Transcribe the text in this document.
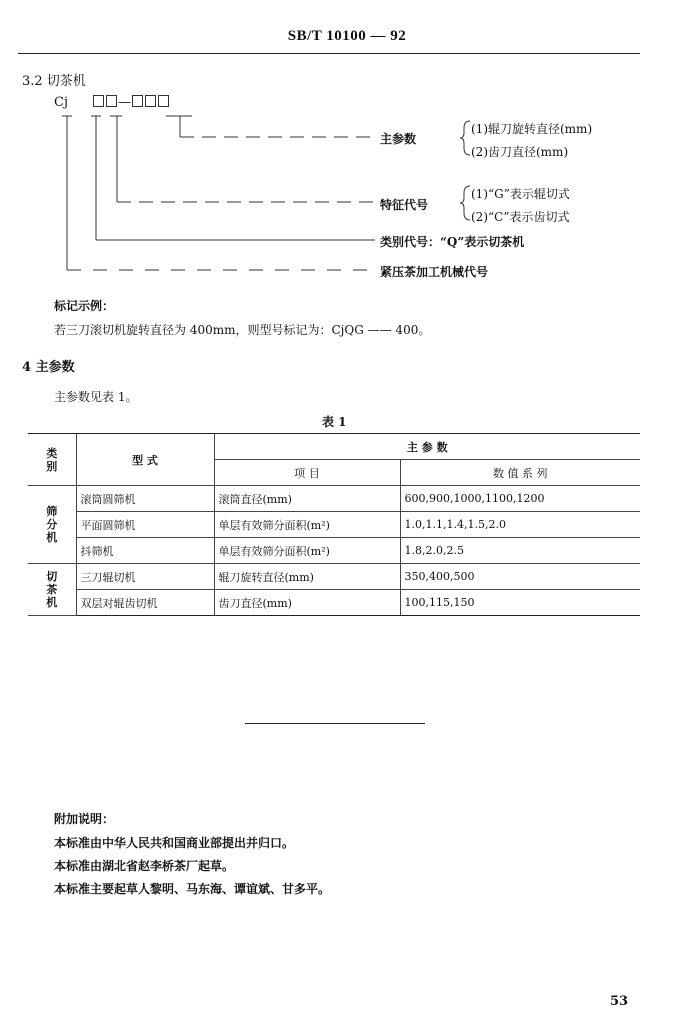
SB/T 10100 — 92
3.2 切茶机
Cj	—
主参数
(1)辊刀旋转直径(mm)
(2)齿刀直径(mm)
特征代号
(1)“G”表示辊切式
(2)“C”表示齿切式
类别代号：“Q”表示切茶机
紧压茶加工机械代号
标记示例：
若三刀滚切机旋转直径为 400mm，则型号标记为：CjQG —— 400。
4 主参数
主参数见表 1。
表 1
类
别	型 式	主 参 数	
		项 目	数 值 系 列
筛
分
机	滚筒圆筛机	滚筒直径(mm)	600,900,1000,1100,1200
	平面圆筛机	单层有效筛分面积(m²)	1.0,1.1,1.4,1.5,2.0
	抖筛机	单层有效筛分面积(m²)	1.8,2.0,2.5
切
茶
机	三刀辊切机	辊刀旋转直径(mm)	350,400,500
	双层对辊齿切机	齿刀直径(mm)	100,115,150
附加说明：
本标准由中华人民共和国商业部提出并归口。
本标准由湖北省赵李桥茶厂起草。
本标准主要起草人黎明、马东海、谭谊斌、甘多平。
53
